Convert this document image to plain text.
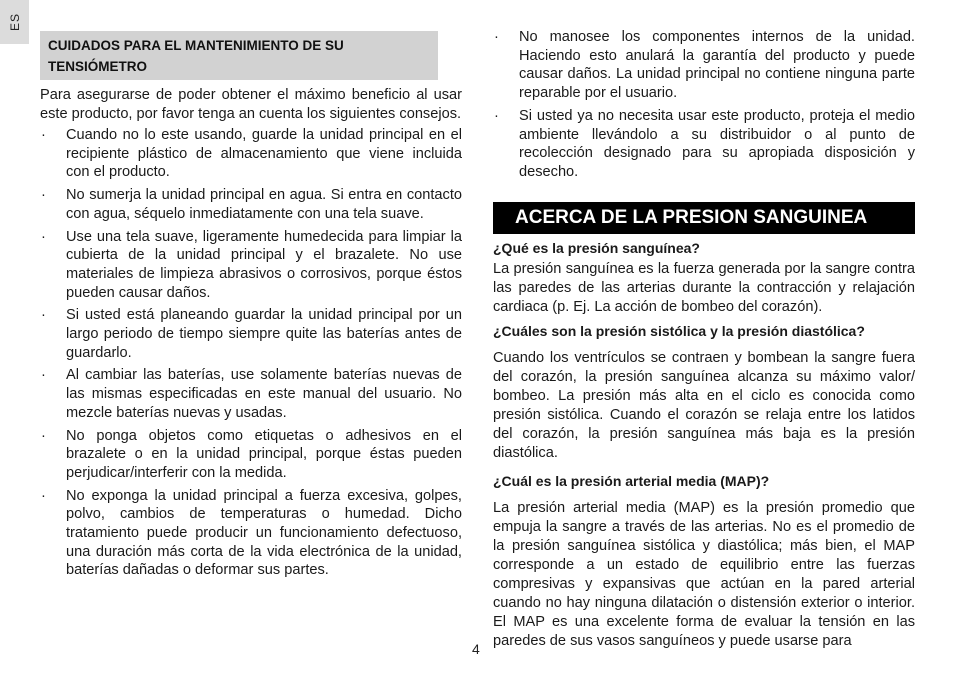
ES
CUIDADOS PARA EL MANTENIMIENTO DE SU TENSIÓMETRO

Para asegurarse de poder obtener el máximo beneficio al usar este producto, por favor tenga an cuenta los siguientes consejos.

· Cuando no lo este usando, guarde la unidad principal en el recipiente plástico de almacenamiento que viene incluida con el producto.
· No sumerja la unidad principal en agua. Si entra en contacto con agua, séquelo inmediatamente con una tela suave.
· Use una tela suave, ligeramente humedecida para limpiar la cubierta de la unidad principal y el brazalete. No use materiales de limpieza abrasivos o corrosivos, porque éstos pueden causar daños.
· Si usted está planeando guardar la unidad principal por un largo periodo de tiempo siempre quite las baterías antes de guardarlo.
· Al cambiar las baterías, use solamente baterías nuevas de las mismas especificadas en este manual del usuario. No mezcle baterías nuevas y usadas.
· No ponga objetos como etiquetas o adhesivos en el brazalete o en la unidad principal, porque éstas pueden perjudicar/interferir con la medida.
· No exponga la unidad principal a fuerza excesiva, golpes, polvo, cambios de temperaturas o humedad. Dicho tratamiento puede producir un funcionamiento defectuoso, una duración más corta de la vida electrónica de la unidad, baterías dañadas o deformar sus partes.
· No manosee los componentes internos de la unidad. Haciendo esto anulará la garantía del producto y puede causar daños. La unidad principal no contiene ninguna parte reparable por el usuario.
· Si usted ya no necesita usar este producto, proteja el medio ambiente llevándolo a su distribuidor o al punto de recolección designado para su apropiada disposición y desecho.
ACERCA DE LA PRESION SANGUINEA

¿Qué es la presión sanguínea?

La presión sanguínea es la fuerza generada por la sangre contra las paredes de las arterias durante la contracción y relajación cardiaca (p. Ej. La acción de bombeo del corazón).

¿Cuáles son la presión sistólica y la presión diastólica?

Cuando los ventrículos se contraen y bombean la sangre fuera del corazón, la presión sanguínea alcanza su máximo valor/ bombeo. La presión más alta en el ciclo es conocida como presión sistólica. Cuando el corazón se relaja entre los latidos del corazón, la presión sanguínea más baja es la presión diastólica.

¿Cuál es la presión arterial media (MAP)?

La presión arterial media (MAP) es la presión promedio que empuja la sangre a través de las arterias. No es el promedio de la presión sanguínea sistólica y diastólica; más bien, el MAP corresponde a un estado de equilibrio entre las fuerzas compresivas y expansivas que actúan en la pared arterial cuando no hay ninguna dilatación o distensión exterior o interior. El MAP es una excelente forma de evaluar la tensión en las paredes de sus vasos sanguíneos y puede usarse para

4
